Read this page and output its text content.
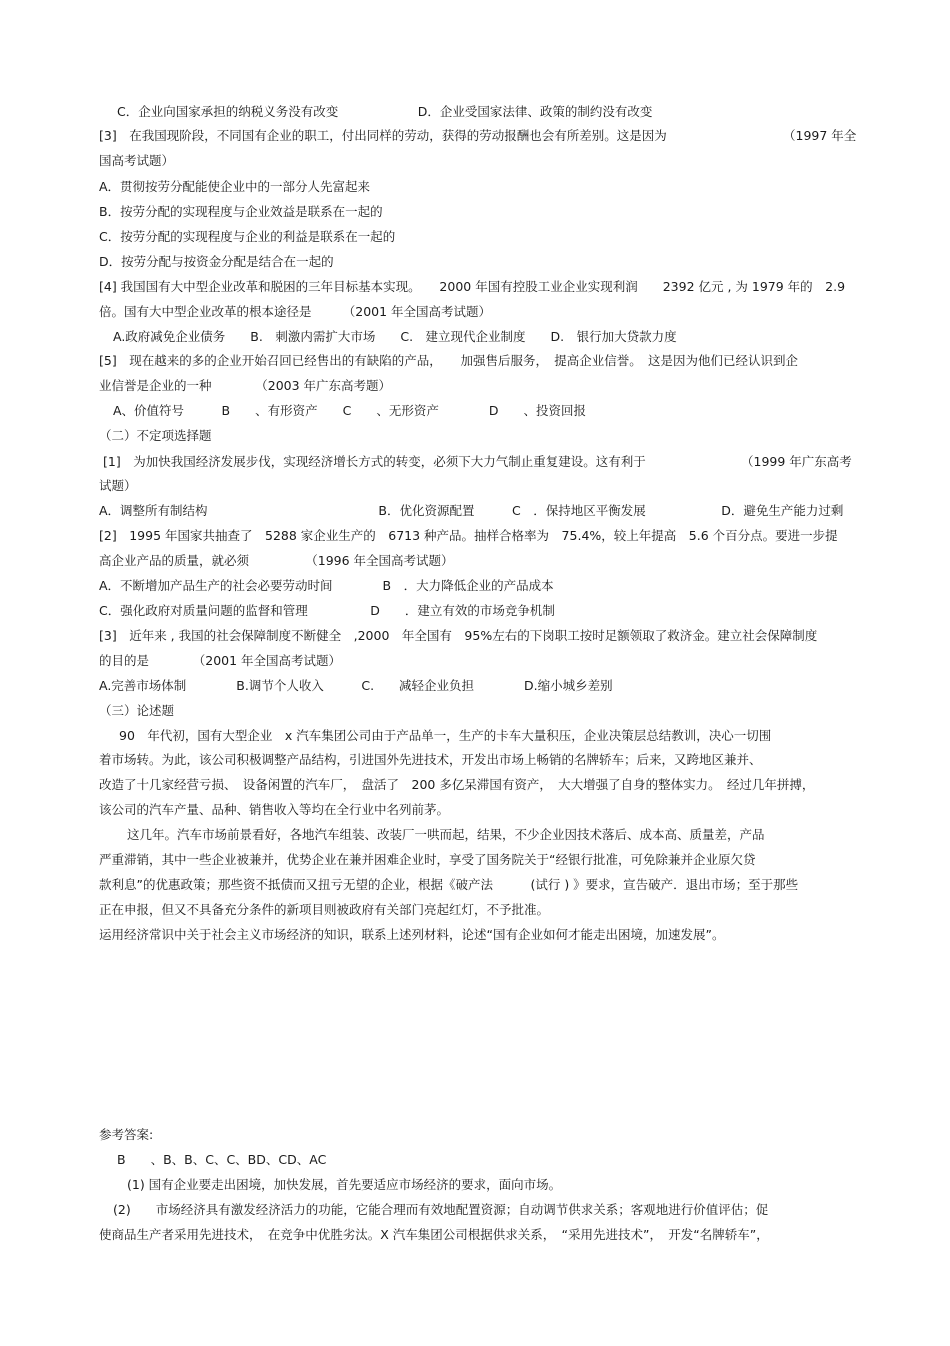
C．企业向国家承担的纳税义务没有改变                    D．企业受国家法律、政策的制约没有改变
[3]　在我国现阶段，不同国有企业的职工，付出同样的劳动，获得的劳动报酬也会有所差别。这是因为	（1997 年全
国高考试题）
A．贯彻按劳分配能使企业中的一部分人先富起来
B．按劳分配的实现程度与企业效益是联系在一起的
C．按劳分配的实现程度与企业的利益是联系在一起的
D．按劳分配与按资金分配是结合在一起的
[4] 我国国有大中型企业改革和脱困的三年目标基本实现。　　2000 年国有控股工业企业实现利润　　2392 亿元 , 为 1979 年的　2.9
倍。国有大中型企业改革的根本途径是　　　（2001 年全国高考试题）
A.政府减免企业债务　　B.　刺激内需扩大市场　　C.　建立现代企业制度　　D.　银行加大贷款力度
[5]　现在越来的多的企业开始召回已经售出的有缺陷的产品，　　加强售后服务，　提高企业信誉。　这是因为他们已经认识到企
业信誉是企业的一种　　　　（2003 年广东高考题）
A、价值符号　　　B　　、有形资产　　C　　、无形资产　　　　D　　、投资回报
（二）不定项选择题
[1]　为加快我国经济发展步伐，实现经济增长方式的转变，必须下大力气制止重复建设。这有利于	（1999 年广东高考
试题）
A．调整所有制结构                                           B．优化资源配置　　　C　．保持地区平衡发展                   D．避免生产能力过剩
[2]　1995 年国家共抽查了　5288 家企业生产的　6713 种产品。抽样合格率为　75.4%，较上年提高　5.6 个百分点。要进一步提
高企业产品的质量，就必须　　　　　（1996 年全国高考试题）
A．不断增加产品生产的社会必要劳动时间　　　　B　．大力降低企业的产品成本
C．强化政府对质量问题的监督和管理　　　　　D　　．建立有效的市场竞争机制
[3]　近年来 , 我国的社会保障制度不断健全　,2000　年全国有　95%左右的下岗职工按时足额领取了救济金。建立社会保障制度
的目的是　　　　（2001 年全国高考试题）
A.完善市场体制　　　　B.调节个人收入　　　C.　　减轻企业负担　　　　D.缩小城乡差别
（三）论述题
90　年代初，国有大型企业　x 汽车集团公司由于产品单一，生产的卡车大量积压，企业决策层总结教训，决心一切围
着市场转。为此，该公司积极调整产品结构，引进国外先进技术，开发出市场上畅销的名牌轿车；后来，又跨地区兼并、
改造了十几家经营亏损、　设备闲置的汽车厂，　盘活了　200 多亿呆滞国有资产，　大大增强了自身的整体实力。　经过几年拼搏，
该公司的汽车产量、品种、销售收入等均在全行业中名列前茅。
这几年。汽车市场前景看好，各地汽车组装、改装厂一哄而起，结果，不少企业因技术落后、成本高、质量差，产品
严重滞销，其中一些企业被兼并，优势企业在兼并困难企业时，享受了国务院关于“经银行批准，可免除兼并企业原欠贷
款利息”的优惠政策；那些资不抵债而又扭亏无望的企业，根据《破产法　　　(试行 ) 》要求，宣告破产．退出市场；至于那些
正在申报，但又不具备充分条件的新项目则被政府有关部门亮起红灯，不予批准。
运用经济常识中关于社会主义市场经济的知识，联系上述列材料，论述“国有企业如何才能走出困境，加速发展”。
参考答案:
B　　、B、B、C、C、BD、CD、AC
(1) 国有企业要走出困境，加快发展，首先要适应市场经济的要求，面向市场。
(2)　　市场经济具有激发经济活力的功能，它能合理而有效地配置资源；自动调节供求关系；客观地进行价值评估；促
使商品生产者采用先进技术，　在竞争中优胜劣汰。X 汽车集团公司根据供求关系，　“采用先进技术”，　开发“名牌轿车”，
